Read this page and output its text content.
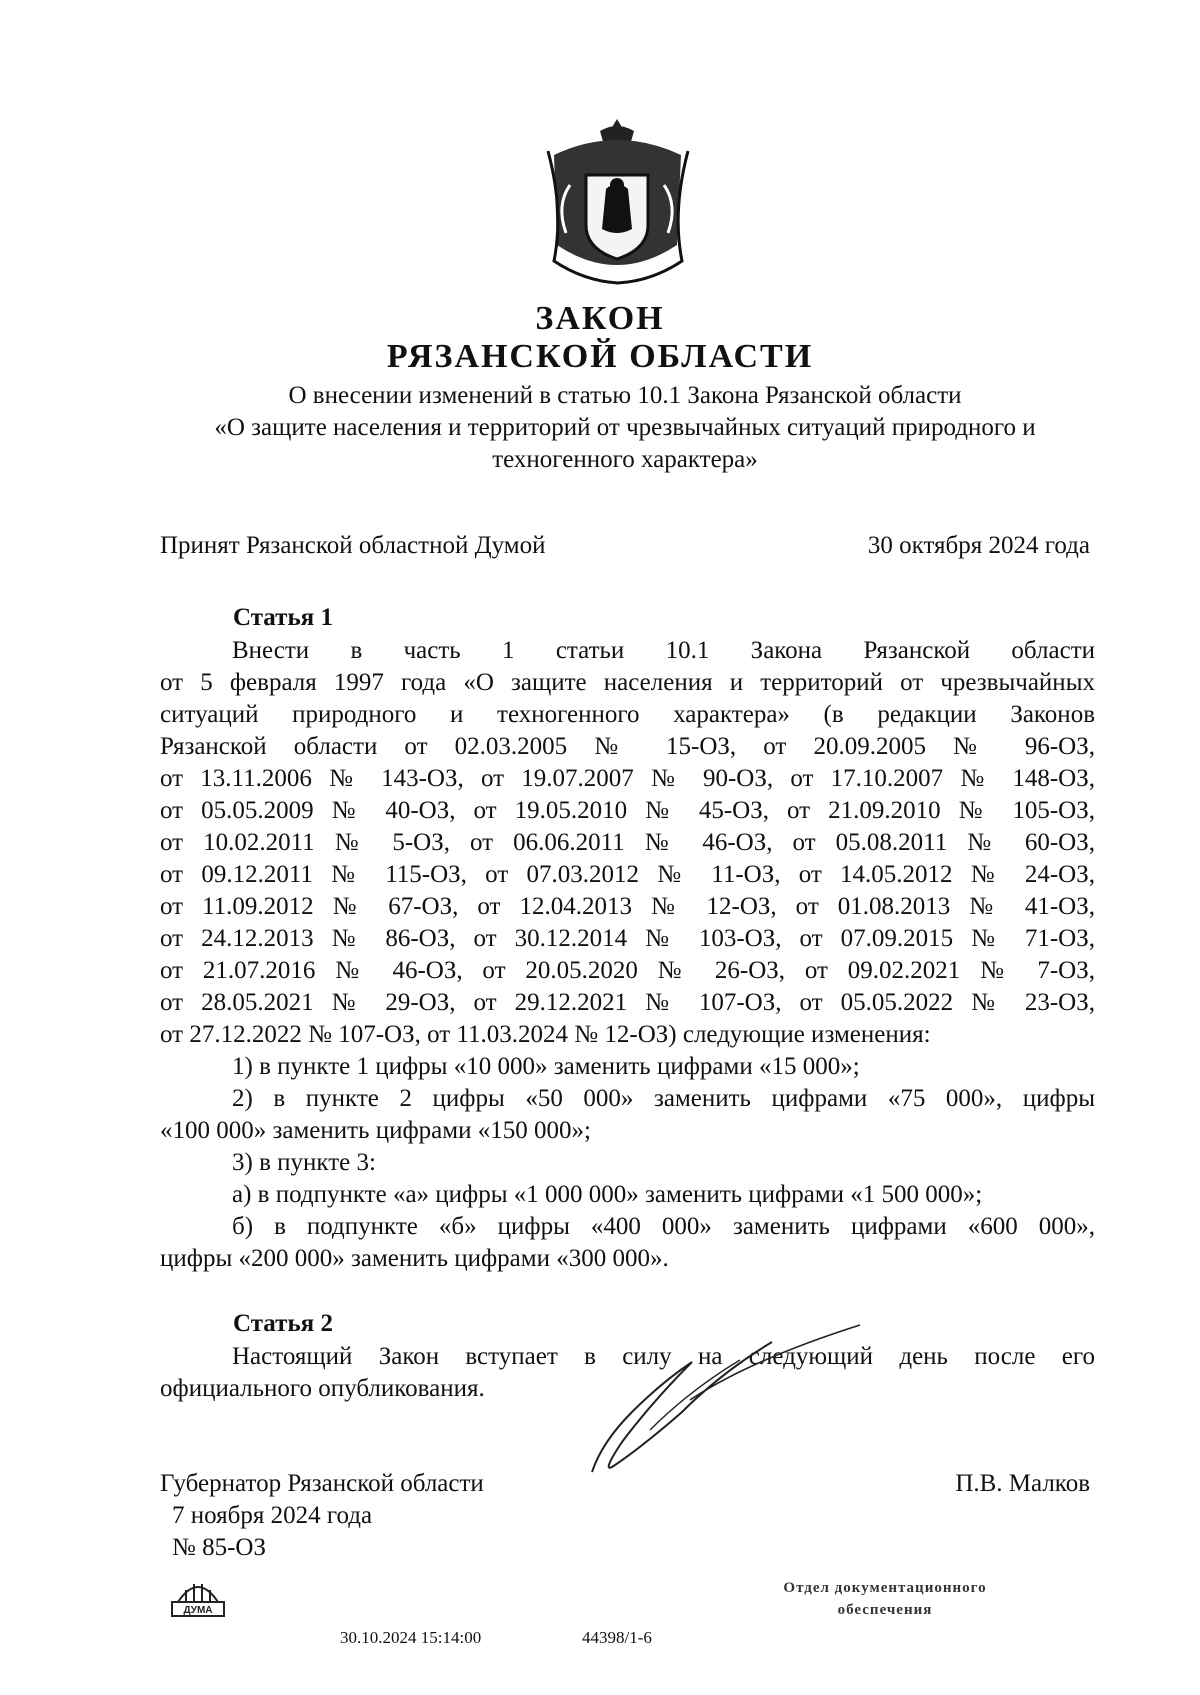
ЗАКОН
РЯЗАНСКОЙ ОБЛАСТИ
О внесении изменений в статью 10.1 Закона Рязанской области
«О защите населения и территорий от чрезвычайных ситуаций природного и
техногенного характера»
Принят Рязанской областной Думой	30 октября 2024 года
Статья 1
Внести в часть 1 статьи 10.1 Закона Рязанской области
от 5 февраля 1997 года «О защите населения и территорий от чрезвычайных
ситуаций природного и техногенного характера» (в редакции Законов
Рязанской области от 02.03.2005 № 15-ОЗ, от 20.09.2005 № 96-ОЗ,
от 13.11.2006 № 143-ОЗ, от 19.07.2007 № 90-ОЗ, от 17.10.2007 № 148-ОЗ,
от 05.05.2009 № 40-ОЗ, от 19.05.2010 № 45-ОЗ, от 21.09.2010 № 105-ОЗ,
от 10.02.2011 № 5-ОЗ, от 06.06.2011 № 46-ОЗ, от 05.08.2011 № 60-ОЗ,
от 09.12.2011 № 115-ОЗ, от 07.03.2012 № 11-ОЗ, от 14.05.2012 № 24-ОЗ,
от 11.09.2012 № 67-ОЗ, от 12.04.2013 № 12-ОЗ, от 01.08.2013 № 41-ОЗ,
от 24.12.2013 № 86-ОЗ, от 30.12.2014 № 103-ОЗ, от 07.09.2015 № 71-ОЗ,
от 21.07.2016 № 46-ОЗ, от 20.05.2020 № 26-ОЗ, от 09.02.2021 № 7-ОЗ,
от 28.05.2021 № 29-ОЗ, от 29.12.2021 № 107-ОЗ, от 05.05.2022 № 23-ОЗ,
от 27.12.2022 № 107-ОЗ, от 11.03.2024 № 12-ОЗ) следующие изменения:
1) в пункте 1 цифры «10 000» заменить цифрами «15 000»;
2) в пункте 2 цифры «50 000» заменить цифрами «75 000», цифры
«100 000» заменить цифрами «150 000»;
3) в пункте 3:
а) в подпункте «а» цифры «1 000 000» заменить цифрами «1 500 000»;
б) в подпункте «б» цифры «400 000» заменить цифрами «600 000»,
цифры «200 000» заменить цифрами «300 000».
Статья 2
Настоящий Закон вступает в силу на следующий день после его
официального опубликования.
Губернатор Рязанской области
7 ноября 2024 года
№ 85-ОЗ
П.В. Малков
ДУМА
30.10.2024 15:14:00	44398/1-6
Отдел документационного
обеспечения
